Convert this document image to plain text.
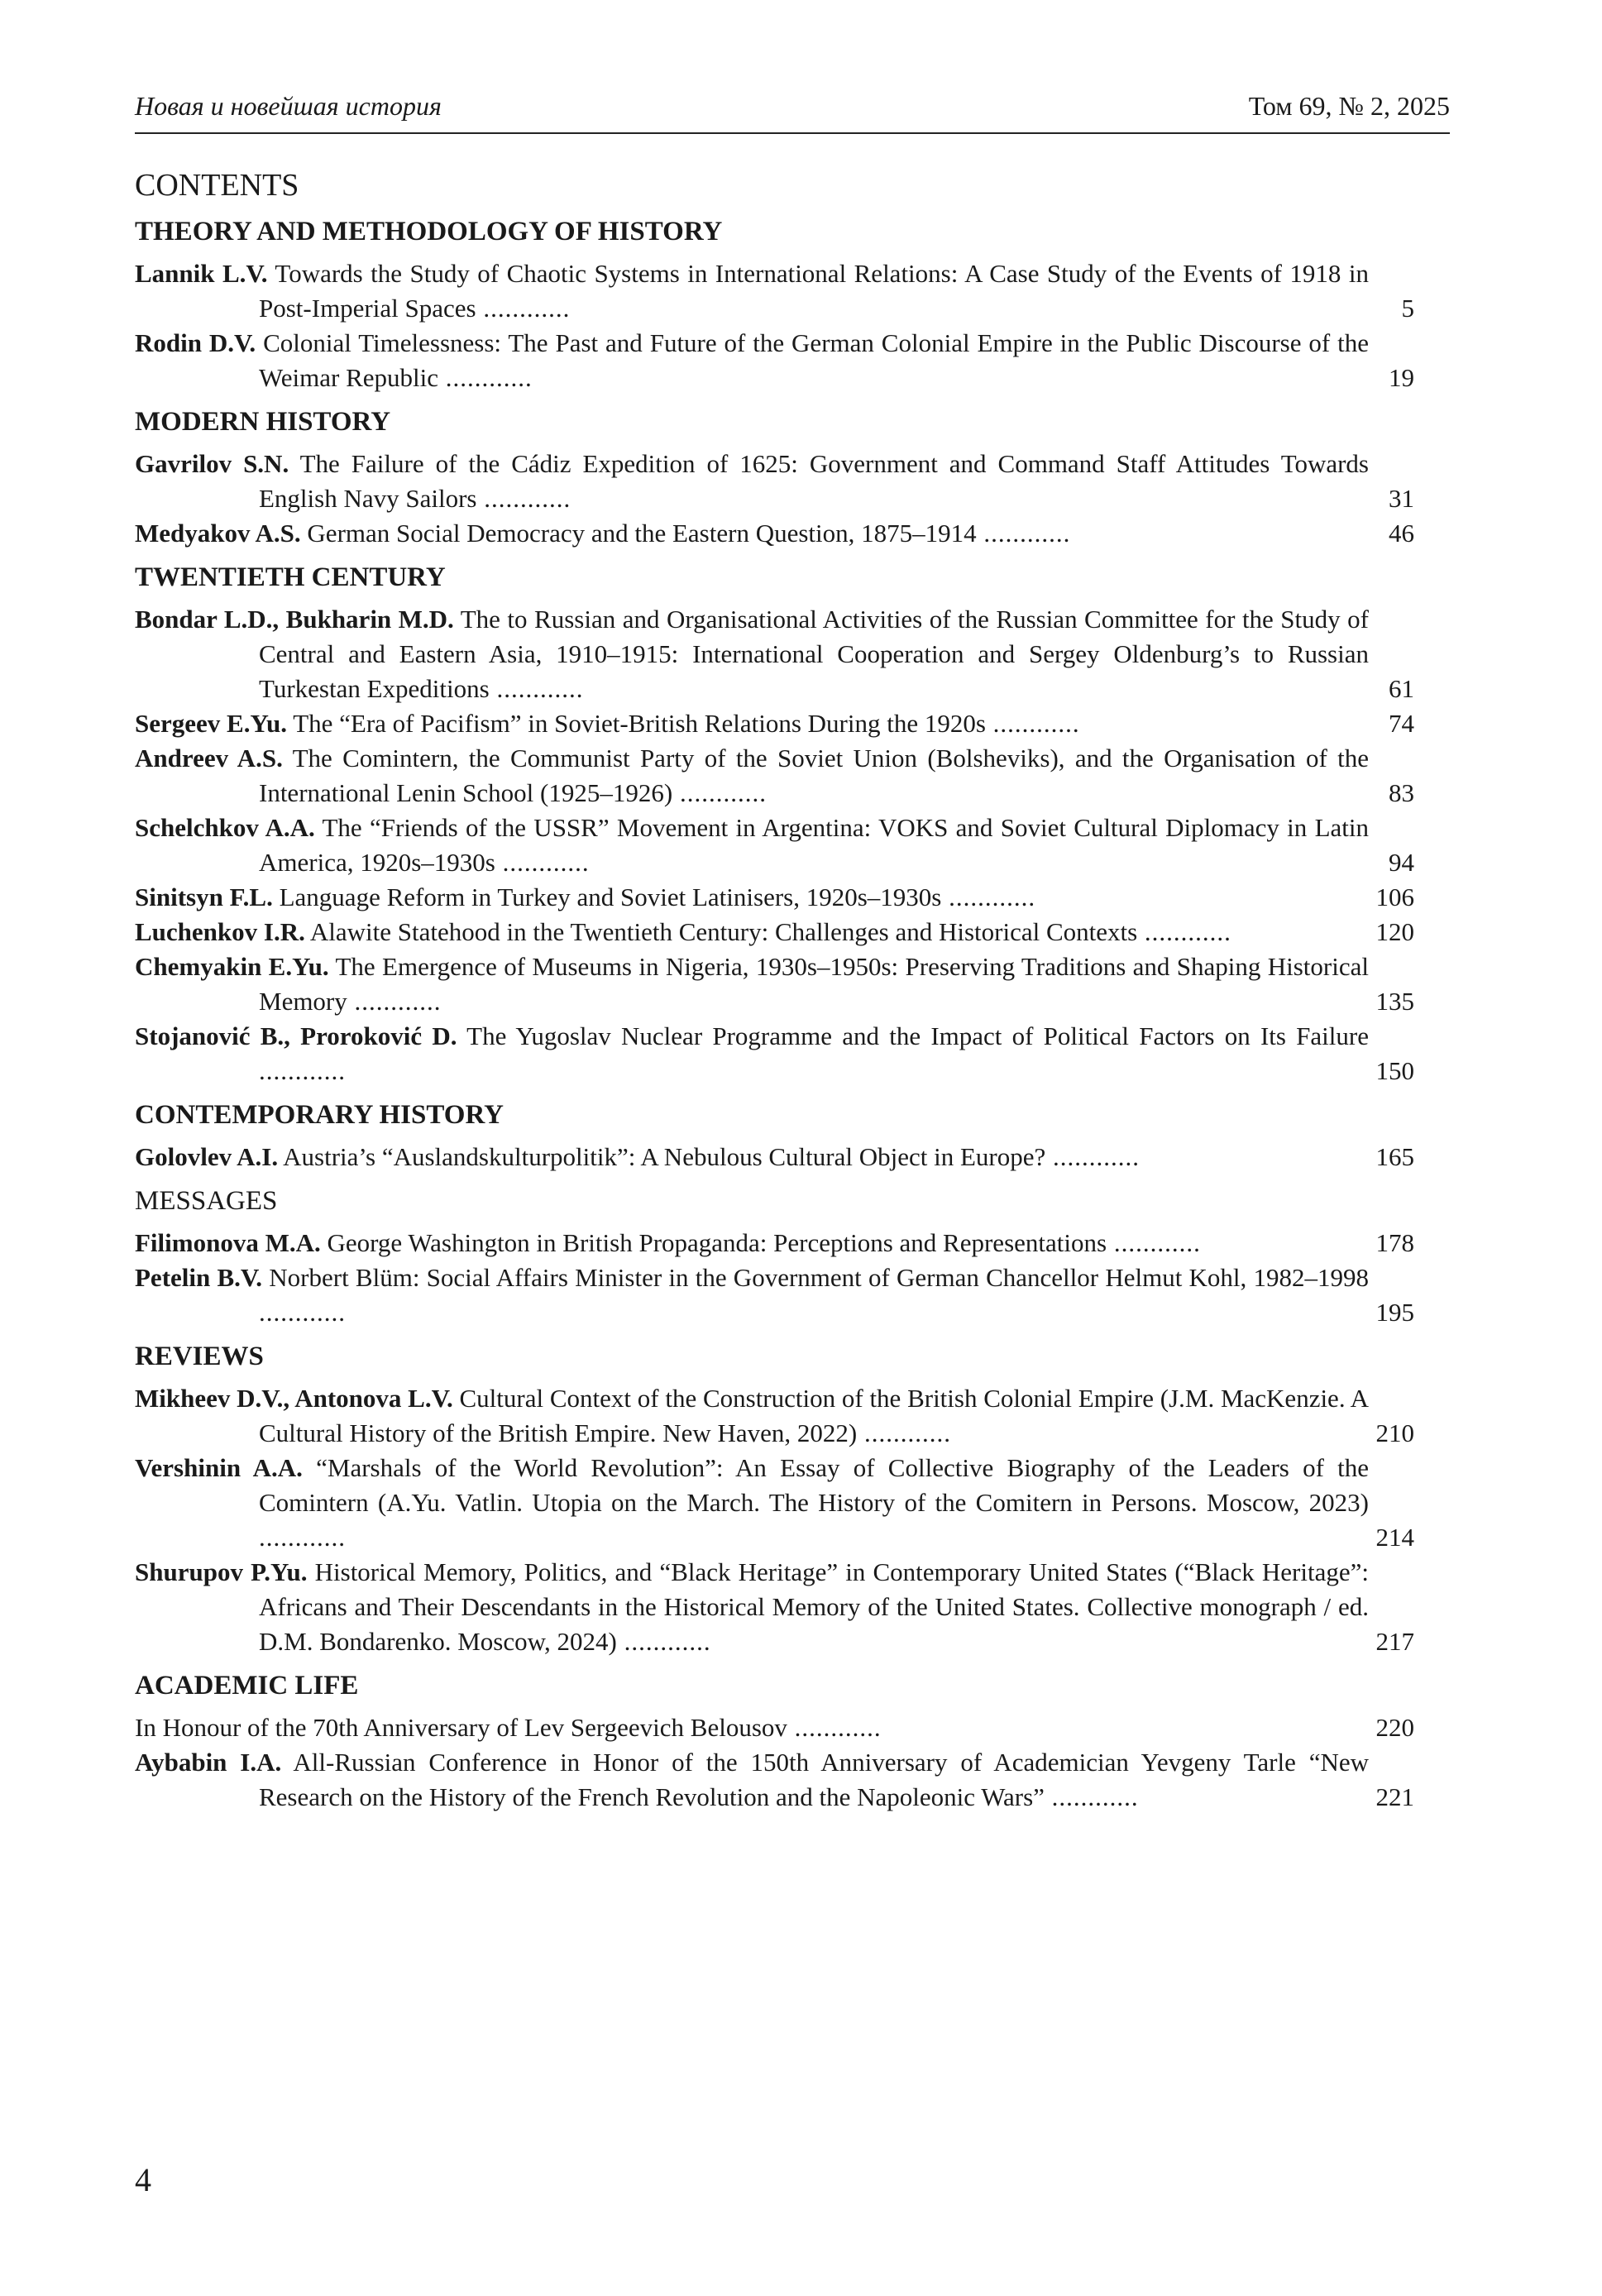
Новая и новейшая история	Том 69, № 2, 2025
CONTENTS
THEORY AND METHODOLOGY OF HISTORY
Lannik L.V. Towards the Study of Chaotic Systems in International Relations: A Case Study of the Events of 1918 in Post-Imperial Spaces ............	5
Rodin D.V. Colonial Timelessness: The Past and Future of the German Colonial Empire in the Public Discourse of the Weimar Republic ............	19
MODERN HISTORY
Gavrilov S.N. The Failure of the Cádiz Expedition of 1625: Government and Command Staff Attitudes Towards English Navy Sailors ............	31
Medyakov A.S. German Social Democracy and the Eastern Question, 1875–1914 ............	46
TWENTIETH CENTURY
Bondar L.D., Bukharin M.D. The to Russian and Organisational Activities of the Russian Committee for the Study of Central and Eastern Asia, 1910–1915: International Cooperation and Sergey Oldenburg’s to Russian Turkestan Expeditions ............	61
Sergeev E.Yu. The “Era of Pacifism” in Soviet-British Relations During the 1920s ............	74
Andreev A.S. The Comintern, the Communist Party of the Soviet Union (Bolsheviks), and the Organisation of the International Lenin School (1925–1926) ............	83
Schelchkov A.A. The “Friends of the USSR” Movement in Argentina: VOKS and Soviet Cultural Diplomacy in Latin America, 1920s–1930s ............	94
Sinitsyn F.L. Language Reform in Turkey and Soviet Latinisers, 1920s–1930s ............	106
Luchenkov I.R. Alawite Statehood in the Twentieth Century: Challenges and Historical Contexts ............	120
Chemyakin E.Yu. The Emergence of Museums in Nigeria, 1930s–1950s: Preserving Traditions and Shaping Historical Memory ............	135
Stojanović B., Proroković D. The Yugoslav Nuclear Programme and the Impact of Political Factors on Its Failure ............	150
CONTEMPORARY HISTORY
Golovlev A.I. Austria’s “Auslandskulturpolitik”: A Nebulous Cultural Object in Europe? ............	165
MESSAGES
Filimonova M.A. George Washington in British Propaganda: Perceptions and Representations ............	178
Petelin B.V. Norbert Blüm: Social Affairs Minister in the Government of German Chancellor Helmut Kohl, 1982–1998 ............	195
REVIEWS
Mikheev D.V., Antonova L.V. Cultural Context of the Construction of the British Colonial Empire (J.M. MacKenzie. A Cultural History of the British Empire. New Haven, 2022) ............	210
Vershinin A.A. “Marshals of the World Revolution”: An Essay of Collective Biography of the Leaders of the Comintern (A.Yu. Vatlin. Utopia on the March. The History of the Comitern in Persons. Moscow, 2023) ............	214
Shurupov P.Yu. Historical Memory, Politics, and “Black Heritage” in Contemporary United States (“Black Heritage”: Africans and Their Descendants in the Historical Memory of the United States. Collective monograph / ed. D.M. Bondarenko. Moscow, 2024) ............	217
ACADEMIC LIFE
In Honour of the 70th Anniversary of Lev Sergeevich Belousov ............	220
Aybabin I.A. All-Russian Conference in Honor of the 150th Anniversary of Academician Yevgeny Tarle “New Research on the History of the French Revolution and the Napoleonic Wars” ............	221
4
